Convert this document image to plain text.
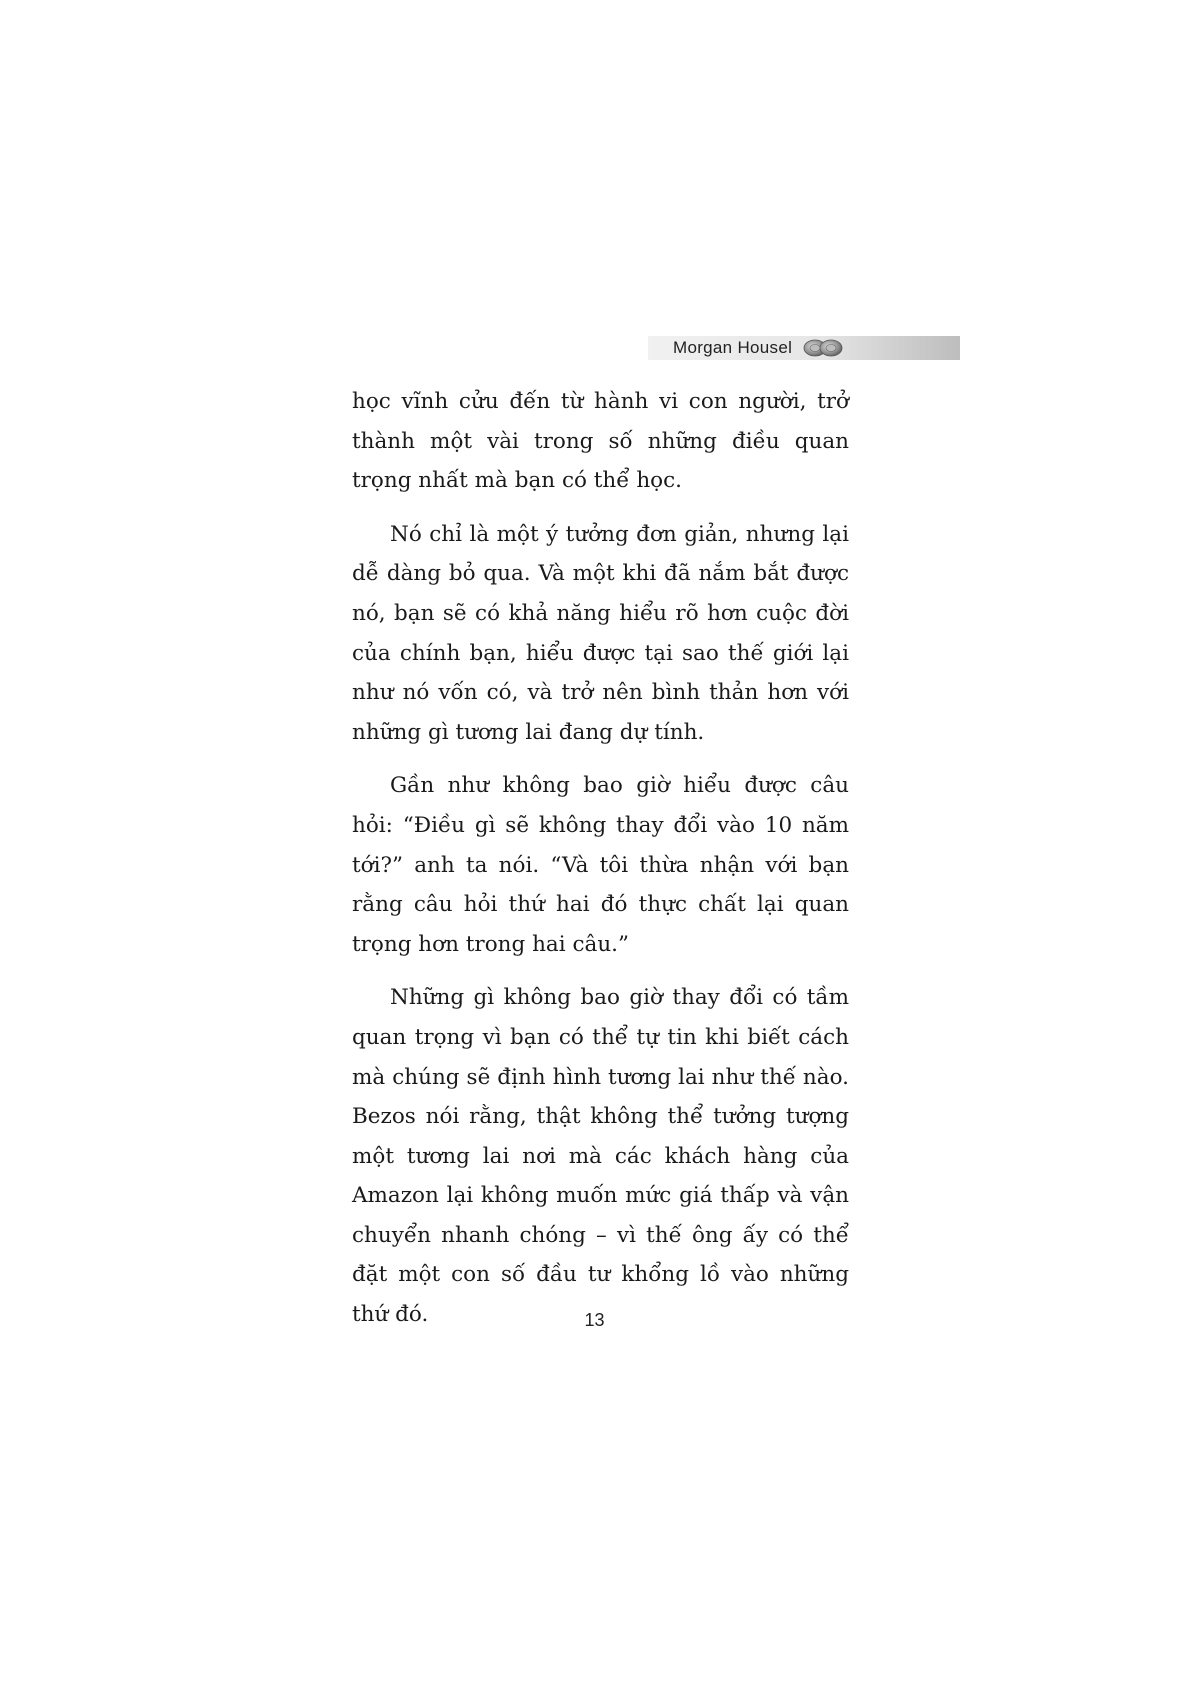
Morgan Housel

học vĩnh cửu đến từ hành vi con người, trở thành một vài trong số những điều quan trọng nhất mà bạn có thể học.

Nó chỉ là một ý tưởng đơn giản, nhưng lại dễ dàng bỏ qua. Và một khi đã nắm bắt được nó, bạn sẽ có khả năng hiểu rõ hơn cuộc đời của chính bạn, hiểu được tại sao thế giới lại như nó vốn có, và trở nên bình thản hơn với những gì tương lai đang dự tính.

Gần như không bao giờ hiểu được câu hỏi: “Điều gì sẽ không thay đổi vào 10 năm tới?” anh ta nói. “Và tôi thừa nhận với bạn rằng câu hỏi thứ hai đó thực chất lại quan trọng hơn trong hai câu.”

Những gì không bao giờ thay đổi có tầm quan trọng vì bạn có thể tự tin khi biết cách mà chúng sẽ định hình tương lai như thế nào. Bezos nói rằng, thật không thể tưởng tượng một tương lai nơi mà các khách hàng của Amazon lại không muốn mức giá thấp và vận chuyển nhanh chóng – vì thế ông ấy có thể đặt một con số đầu tư khổng lồ vào những thứ đó.	13
